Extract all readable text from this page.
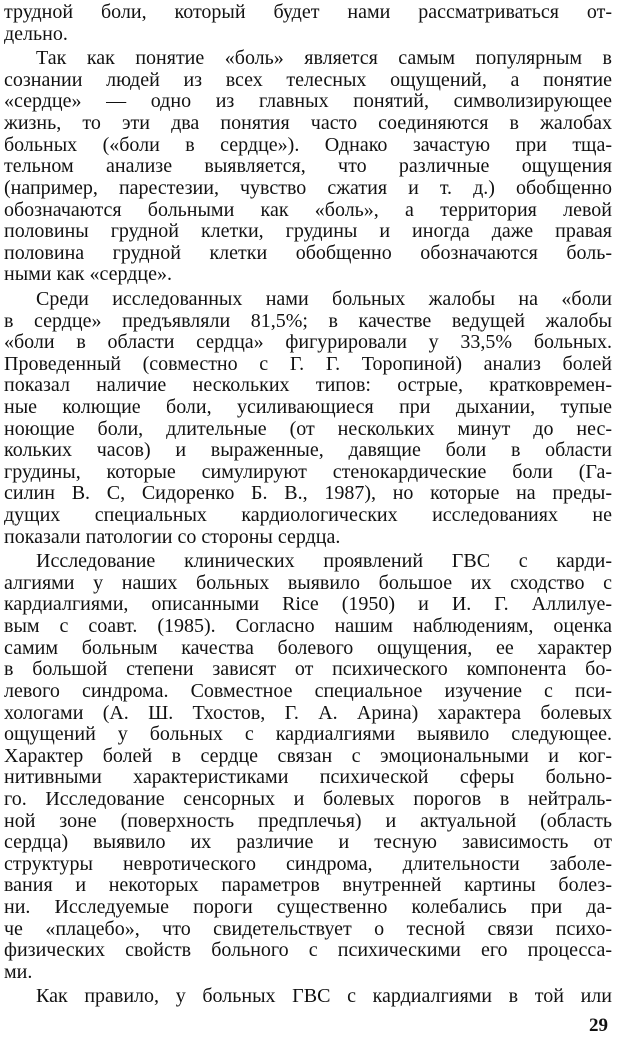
трудной боли, который будет нами рассматриваться от-
дельно.
Так как понятие «боль» является самым популярным в
сознании людей из всех телесных ощущений, а понятие
«сердце» — одно из главных понятий, символизирующее
жизнь, то эти два понятия часто соединяются в жалобах
больных («боли в сердце»). Однако зачастую при тща-
тельном анализе выявляется, что различные ощущения
(например, парестезии, чувство сжатия и т. д.) обобщенно
обозначаются больными как «боль», а территория левой
половины грудной клетки, грудины и иногда даже правая
половина грудной клетки обобщенно обозначаются боль-
ными как «сердце».
Среди исследованных нами больных жалобы на «боли
в сердце» предъявляли 81,5%; в качестве ведущей жалобы
«боли в области сердца» фигурировали у 33,5% больных.
Проведенный (совместно с Г. Г. Торопиной) анализ болей
показал наличие нескольких типов: острые, кратковремен-
ные колющие боли, усиливающиеся при дыхании, тупые
ноющие боли, длительные (от нескольких минут до нес-
кольких часов) и выраженные, давящие боли в области
грудины, которые симулируют стенокардические боли (Га-
силин В. С, Сидоренко Б. В., 1987), но которые на преды-
дущих специальных кардиологических исследованиях не
показали патологии со стороны сердца.
Исследование клинических проявлений ГВС с карди-
алгиями у наших больных выявило большое их сходство с
кардиалгиями, описанными Rice (1950) и И. Г. Аллилуе-
вым с соавт. (1985). Согласно нашим наблюдениям, оценка
самим больным качества болевого ощущения, ее характер
в большой степени зависят от психического компонента бо-
левого синдрома. Совместное специальное изучение с пси-
хологами (А. Ш. Тхостов, Г. А. Арина) характера болевых
ощущений у больных с кардиалгиями выявило следующее.
Характер болей в сердце связан с эмоциональными и ког-
нитивными характеристиками психической сферы больно-
го. Исследование сенсорных и болевых порогов в нейтраль-
ной зоне (поверхность предплечья) и актуальной (область
сердца) выявило их различие и тесную зависимость от
структуры невротического синдрома, длительности заболе-
вания и некоторых параметров внутренней картины болез-
ни. Исследуемые пороги существенно колебались при да-
че «плацебо», что свидетельствует о тесной связи психо-
физических свойств больного с психическими его процесса-
ми.
Как правило, у больных ГВС с кардиалгиями в той или
29
